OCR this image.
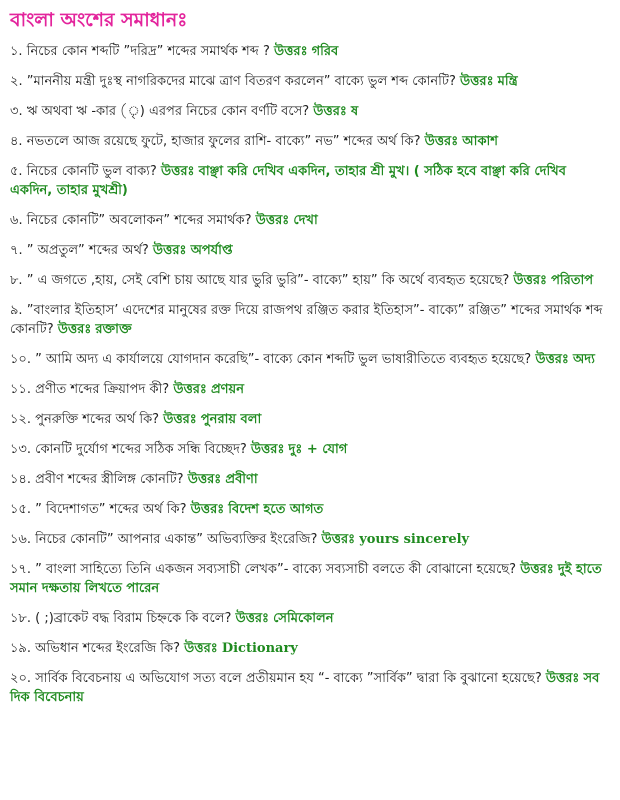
বাংলা অংশের সমাধানঃ

১. নিচের কোন শব্দটি ”দরিদ্র” শব্দের সমার্থক শব্দ ? উত্তরঃ গরিব

২. ”মাননীয় মন্ত্রী দুঃস্থ নাগরিকদের মাঝে ত্রাণ বিতরণ করলেন” বাক্যে ভুল শব্দ কোনটি? উত্তরঃ মন্ত্রি

৩. ঋ অথবা ঋ -কার (ৃ) এরপর নিচের কোন বর্ণটি বসে? উত্তরঃ ষ

৪. নভতলে আজ রয়েছে ফুটে, হাজার ফুলের রাশি- বাক্যে” নভ” শব্দের অর্থ কি? উত্তরঃ আকাশ

৫. নিচের কোনটি ভুল বাক্য? উত্তরঃ বাঞ্ছা করি দেখিব একদিন, তাহার শ্রী মুখ। ( সঠিক হবে বাঞ্ছা করি দেখিব একদিন, তাহার মুখশ্রী)

৬. নিচের কোনটি” অবলোকন” শব্দের সমার্থক? উত্তরঃ দেখা

৭. ” অপ্রতুল” শব্দের অর্থ? উত্তরঃ অপর্যাপ্ত

৮. ” এ জগতে ,হায়, সেই বেশি চায় আছে যার ভুরি ভুরি”- বাক্যে” হায়” কি অর্থে ব্যবহৃত হয়েছে? উত্তরঃ পরিতাপ

৯. ”বাংলার ইতিহাস’ এদেশের মানুষের রক্ত দিয়ে রাজপথ রঞ্জিত করার ইতিহাস”- বাক্যে” রঞ্জিত” শব্দের সমার্থক শব্দ কোনটি? উত্তরঃ রক্তাক্ত

১০. ” আমি অদ্য এ কার্যালয়ে যোগদান করেছি”- বাক্যে কোন শব্দটি ভুল ভাষারীতিতে ব্যবহৃত হয়েছে? উত্তরঃ অদ্য

১১. প্রণীত শব্দের ক্রিয়াপদ কী? উত্তরঃ প্রণয়ন

১২. পুনরুক্তি শব্দের অর্থ কি? উত্তরঃ পুনরায় বলা

১৩. কোনটি দুর্যোগ শব্দের সঠিক সন্ধি বিচ্ছেদ? উত্তরঃ দুঃ + যোগ

১৪. প্রবীণ শব্দের স্ত্রীলিঙ্গ কোনটি? উত্তরঃ প্রবীণা

১৫. ” বিদেশাগত” শব্দের অর্থ কি? উত্তরঃ বিদেশ হতে আগত

১৬. নিচের কোনটি” আপনার একান্ত” অভিব্যক্তির ইংরেজি? উত্তরঃ yours sincerely

১৭. ” বাংলা সাহিত্যে তিনি একজন সব্যসাচী লেখক”- বাক্যে সব্যসাচী বলতে কী বোঝানো হয়েছে? উত্তরঃ দুই হাতে সমান দক্ষতায় লিখতে পারেন

১৮. ( ;)ব্রাকেট বদ্ধ বিরাম চিহ্নকে কি বলে? উত্তরঃ সেমিকোলন

১৯. অভিধান শব্দের ইংরেজি কি? উত্তরঃ Dictionary

২০. সার্বিক বিবেচনায় এ অভিযোগ সত্য বলে প্রতীয়মান হয “- বাক্যে ”সার্বিক” দ্বারা কি বুঝানো হয়েছে? উত্তরঃ সব দিক বিবেচনায়
